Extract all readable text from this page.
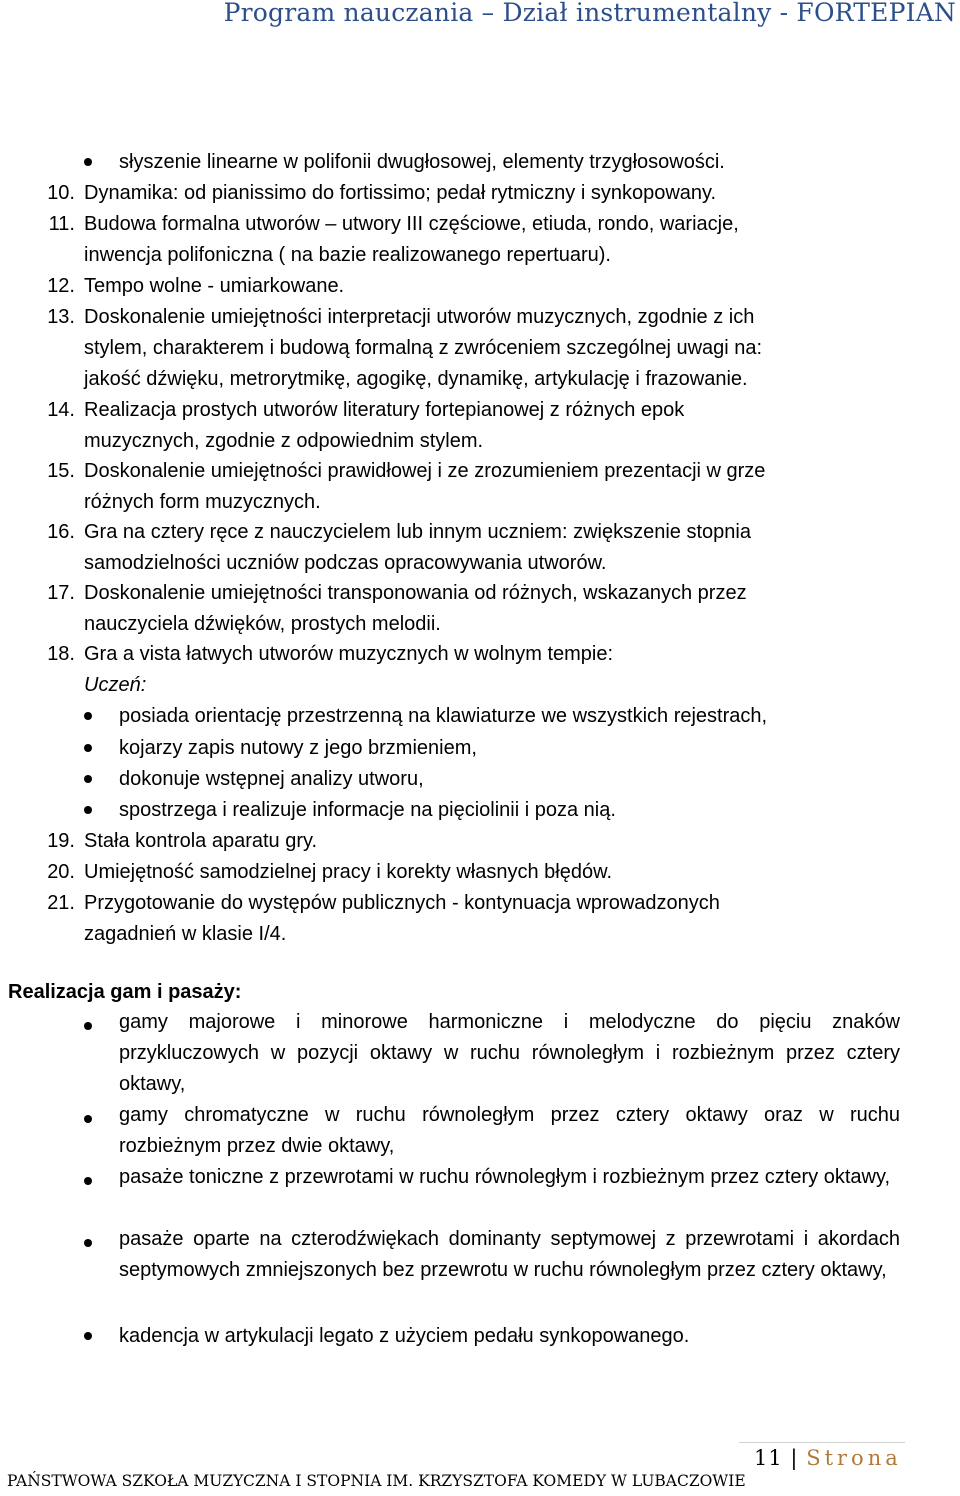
Program nauczania – Dział instrumentalny - FORTEPIAN
słyszenie linearne w polifonii dwugłosowej, elementy trzygłosowości.
10. Dynamika: od pianissimo do fortissimo; pedał rytmiczny i synkopowany.
11. Budowa formalna utworów – utwory III częściowe, etiuda, rondo, wariacje,
inwencja polifoniczna ( na bazie realizowanego repertuaru).
12. Tempo wolne - umiarkowane.
13. Doskonalenie umiejętności interpretacji utworów muzycznych, zgodnie z ich
stylem, charakterem i budową formalną z zwróceniem szczególnej uwagi na:
jakość dźwięku, metrorytmikę, agogikę, dynamikę, artykulację i frazowanie.
14. Realizacja prostych utworów literatury fortepianowej z różnych epok
muzycznych, zgodnie z odpowiednim stylem.
15. Doskonalenie umiejętności prawidłowej i ze zrozumieniem prezentacji w grze
różnych form muzycznych.
16. Gra na cztery ręce z nauczycielem lub innym uczniem: zwiększenie stopnia
samodzielności uczniów podczas opracowywania utworów.
17. Doskonalenie umiejętności transponowania od różnych, wskazanych przez
nauczyciela dźwięków, prostych melodii.
18. Gra a vista łatwych utworów muzycznych w wolnym tempie:
Uczeń:
posiada orientację przestrzenną na klawiaturze we wszystkich rejestrach,
kojarzy zapis nutowy z jego brzmieniem,
dokonuje wstępnej analizy utworu,
spostrzega i realizuje informacje na pięciolinii i poza nią.
19. Stała kontrola aparatu gry.
20. Umiejętność samodzielnej pracy i korekty własnych błędów.
21. Przygotowanie do występów publicznych - kontynuacja wprowadzonych
zagadnień w klasie I/4.
Realizacja gam i pasaży:
gamy majorowe i minorowe harmoniczne i melodyczne do pięciu znaków przykluczowych w pozycji oktawy w ruchu równoległym i rozbieżnym przez cztery oktawy,
gamy chromatyczne w ruchu równoległym przez cztery oktawy oraz w ruchu rozbieżnym przez dwie oktawy,
pasaże toniczne z przewrotami w ruchu równoległym i rozbieżnym przez cztery oktawy,
pasaże oparte na czterodźwiękach dominanty septymowej z przewrotami i akordach septymowych zmniejszonych bez przewrotu w ruchu równoległym przez cztery oktawy,
kadencja w artykulacji legato z użyciem pedału synkopowanego.
11 | Strona
PAŃSTWOWA SZKOŁA MUZYCZNA I STOPNIA IM. KRZYSZTOFA KOMEDY W LUBACZOWIE
